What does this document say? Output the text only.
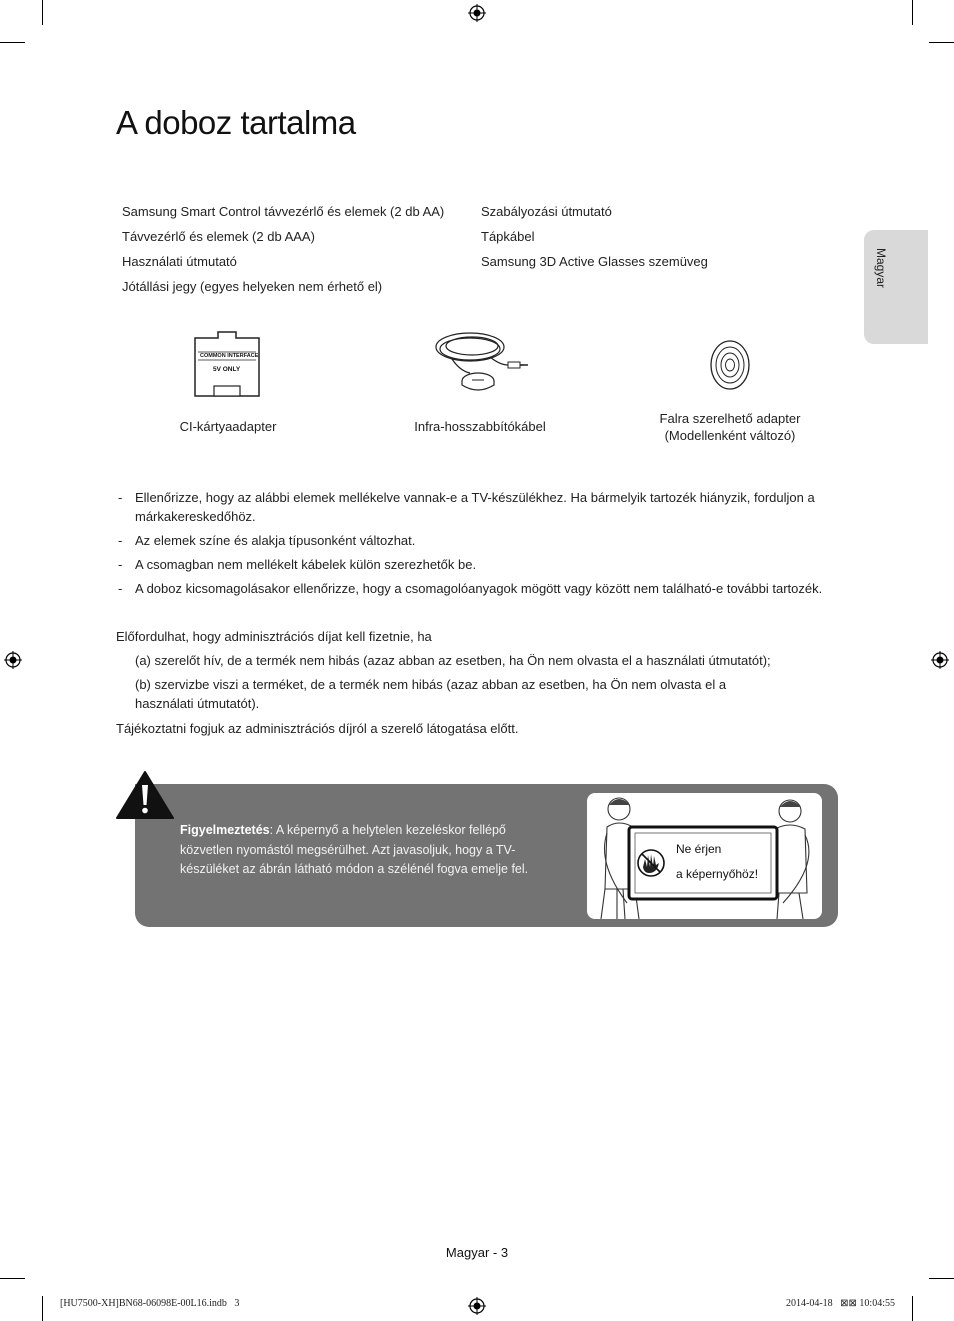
A doboz tartalma
Magyar
Samsung Smart Control távvezérlő és elemek (2 db AA)
Távvezérlő és elemek (2 db AAA)
Használati útmutató
Jótállási jegy (egyes helyeken nem érhető el)
Szabályozási útmutató
Tápkábel
Samsung 3D Active Glasses szemüveg
COMMON INTERFACE
5V ONLY
CI-kártyaadapter	Infra-hosszabbítókábel
Falra szerelhető adapter
(Modellenként változó)
- Ellenőrizze, hogy az alábbi elemek mellékelve vannak-e a TV-készülékhez. Ha bármelyik tartozék hiányzik, forduljon a márkakereskedőhöz.
- Az elemek színe és alakja típusonként változhat.
- A csomagban nem mellékelt kábelek külön szerezhetők be.
- A doboz kicsomagolásakor ellenőrizze, hogy a csomagolóanyagok mögött vagy között nem található-e további tartozék.
Előfordulhat, hogy adminisztrációs díjat kell fizetnie, ha
(a) szerelőt hív, de a termék nem hibás (azaz abban az esetben, ha Ön nem olvasta el a használati útmutatót);
(b) szervizbe viszi a terméket, de a termék nem hibás (azaz abban az esetben, ha Ön nem olvasta el a használati útmutatót).
Tájékoztatni fogjuk az adminisztrációs díjról a szerelő látogatása előtt.
Figyelmeztetés: A képernyő a helytelen kezeléskor fellépő közvetlen nyomástól megsérülhet. Azt javasoljuk, hogy a TV-készüléket az ábrán látható módon a szélénél fogva emelje fel.
Ne érjen
a képernyőhöz!
Magyar - 3
[HU7500-XH]BN68-06098E-00L16.indb   3	2014-04-18   ⊠⊠ 10:04:55
